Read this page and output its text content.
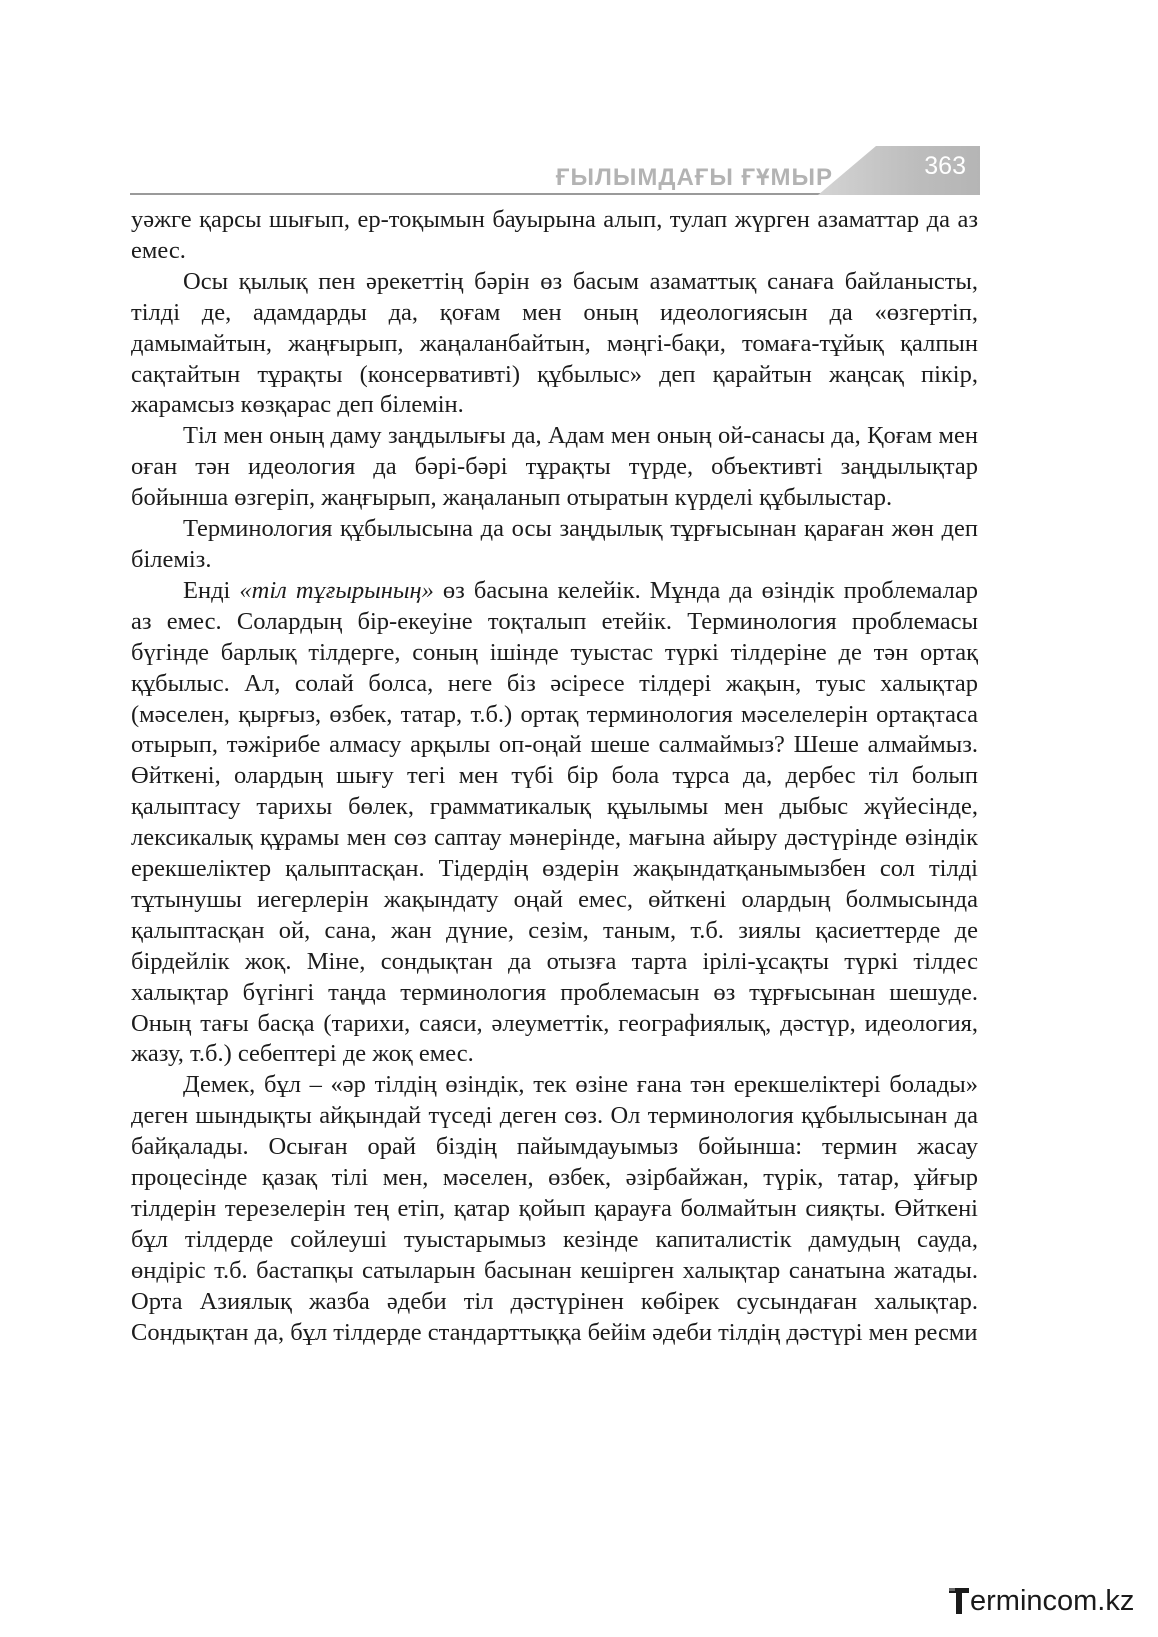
ҒЫЛЫМДАҒЫ ҒҰМЫР	363

уәжге қарсы шығып, ер-тоқымын бауырына алып, тулап жүрген азаматтар да аз емес.

Осы қылық пен әрекеттің бәрін өз басым азаматтық санаға байланысты, тілді де, адамдарды да, қоғам мен оның идеологиясын да «өзгертіп, дамымайтын, жаңғырып, жаңаланбайтын, мәңгі-бақи, томаға-тұйық қалпын сақтайтын тұрақты (консервативті) құбылыс» деп қарайтын жаңсақ пікір, жарамсыз көзқарас деп білемін.

Тіл мен оның даму заңдылығы да, Адам мен оның ой-санасы да, Қоғам мен оған тән идеология да бәрі-бәрі тұрақты түрде, объективті заңдылықтар бойынша өзгеріп, жаңғырып, жаңаланып отыратын күрделі құбылыстар.

Терминология құбылысына да осы заңдылық тұрғысынан қараған жөн деп білеміз.

Енді «тіл тұғырының» өз басына келейік. Мұнда да өзіндік проблемалар аз емес. Солардың бір-екеуіне тоқталып етейік. Терминология проблемасы бүгінде барлық тілдерге, соның ішінде туыстас түркі тілдеріне де тән ортақ құбылыс. Ал, солай болса, неге біз әсіресе тілдері жақын, туыс халықтар (мәселен, қырғыз, өзбек, татар, т.б.) ортақ терминология мәселелерін ортақтаса отырып, тәжірибе алмасу арқылы оп-оңай шеше салмаймыз? Шеше алмаймыз. Өйткені, олардың шығу тегі мен түбі бір бола тұрса да, дербес тіл болып қалыптасу тарихы бөлек, грамматикалық құылымы мен дыбыс жүйесінде, лексикалық құрамы мен сөз саптау мәнерінде, мағына айыру дәстүрінде өзіндік ерекшеліктер қалыптасқан. Тідердің өздерін жақындатқанымызбен сол тілді тұтынушы иегерлерін жақындату оңай емес, өйткені олардың болмысында қалыптасқан ой, сана, жан дүние, сезім, таным, т.б. зиялы қасиеттерде де бірдейлік жоқ. Міне, сондықтан да отызға тарта ірілі-ұсақты түркі тілдес халықтар бүгінгі таңда терминология проблемасын өз тұрғысынан шешуде. Оның тағы басқа (тарихи, саяси, әлеуметтік, географиялық, дәстүр, идеология, жазу, т.б.) себептері де жоқ емес.

Демек, бұл – «әр тілдің өзіндік, тек өзіне ғана тән ерекшеліктері болады» деген шындықты айқындай түседі деген сөз. Ол терминология құбылысынан да байқалады. Осыған орай біздің пайымдауымыз бойынша: термин жасау процесінде қазақ тілі мен, мәселен, өзбек, әзірбайжан, түрік, татар, ұйғыр тілдерін терезелерін тең етіп, қатар қойып қарауға болмайтын сияқты. Өйткені бұл тілдерде сойлеуші туыстарымыз кезінде капиталистік дамудың сауда, өндіріс т.б. бастапқы сатыларын басынан кешірген халықтар санатына жатады. Орта Азиялық жазба әдеби тіл дәстүрінен көбірек сусындаған халықтар. Сондықтан да, бұл тілдерде стандарттыққа бейім әдеби тілдің дәстүрі мен ресми

ermincom.kz
